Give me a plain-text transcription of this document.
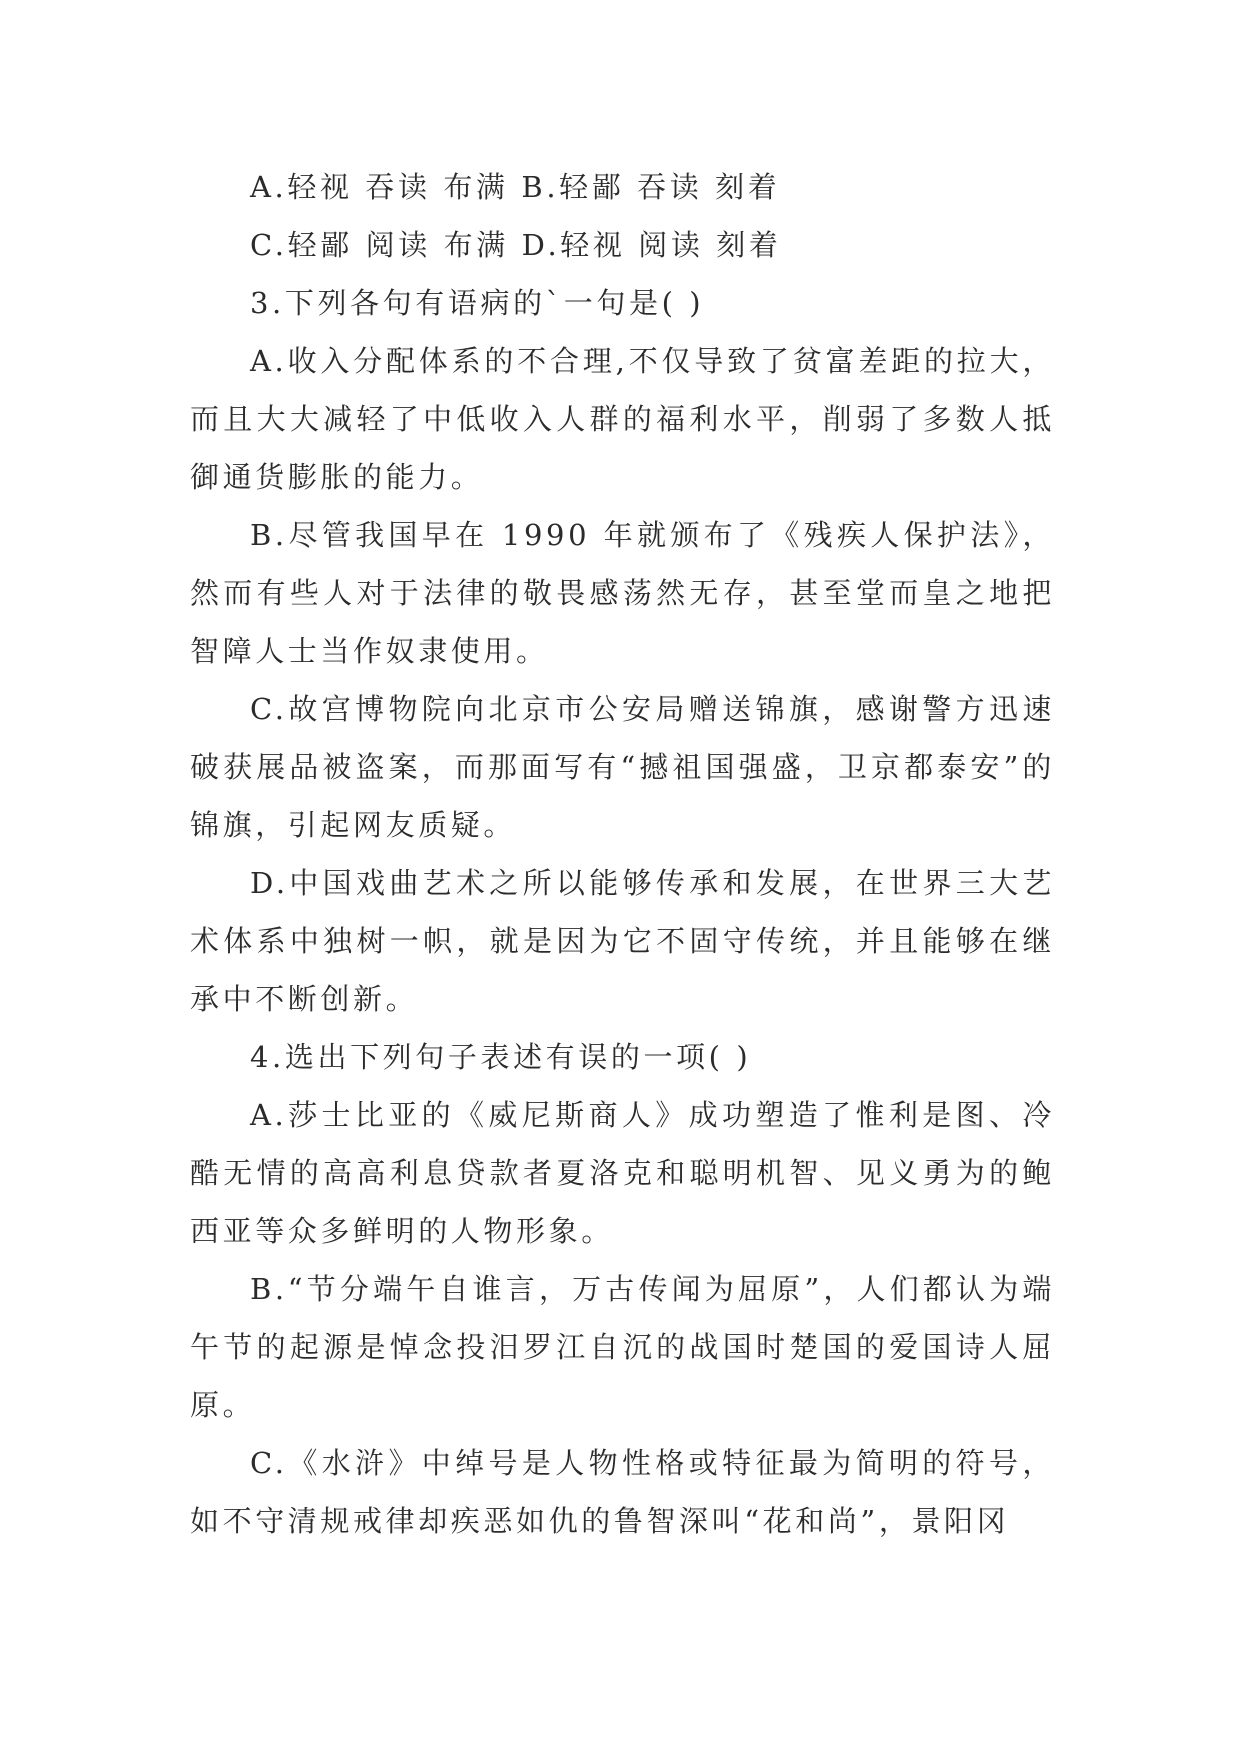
A.轻视 吞读 布满 B.轻鄙 吞读 刻着

C.轻鄙 阅读 布满 D.轻视 阅读 刻着

3.下列各句有语病的`一句是( )

A.收入分配体系的不合理,不仅导致了贫富差距的拉大，而且大大减轻了中低收入人群的福利水平，削弱了多数人抵御通货膨胀的能力。

B.尽管我国早在 1990 年就颁布了《残疾人保护法》，然而有些人对于法律的敬畏感荡然无存，甚至堂而皇之地把智障人士当作奴隶使用。

C.故宫博物院向北京市公安局赠送锦旗，感谢警方迅速破获展品被盗案，而那面写有“撼祖国强盛，卫京都泰安”的锦旗，引起网友质疑。

D.中国戏曲艺术之所以能够传承和发展，在世界三大艺术体系中独树一帜，就是因为它不固守传统，并且能够在继承中不断创新。

4.选出下列句子表述有误的一项( )

A.莎士比亚的《威尼斯商人》成功塑造了惟利是图、冷酷无情的高高利息贷款者夏洛克和聪明机智、见义勇为的鲍西亚等众多鲜明的人物形象。

B.“节分端午自谁言，万古传闻为屈原”，人们都认为端午节的起源是悼念投汨罗江自沉的战国时楚国的爱国诗人屈原。

C.《水浒》中绰号是人物性格或特征最为简明的符号，如不守清规戒律却疾恶如仇的鲁智深叫“花和尚”，景阳冈
